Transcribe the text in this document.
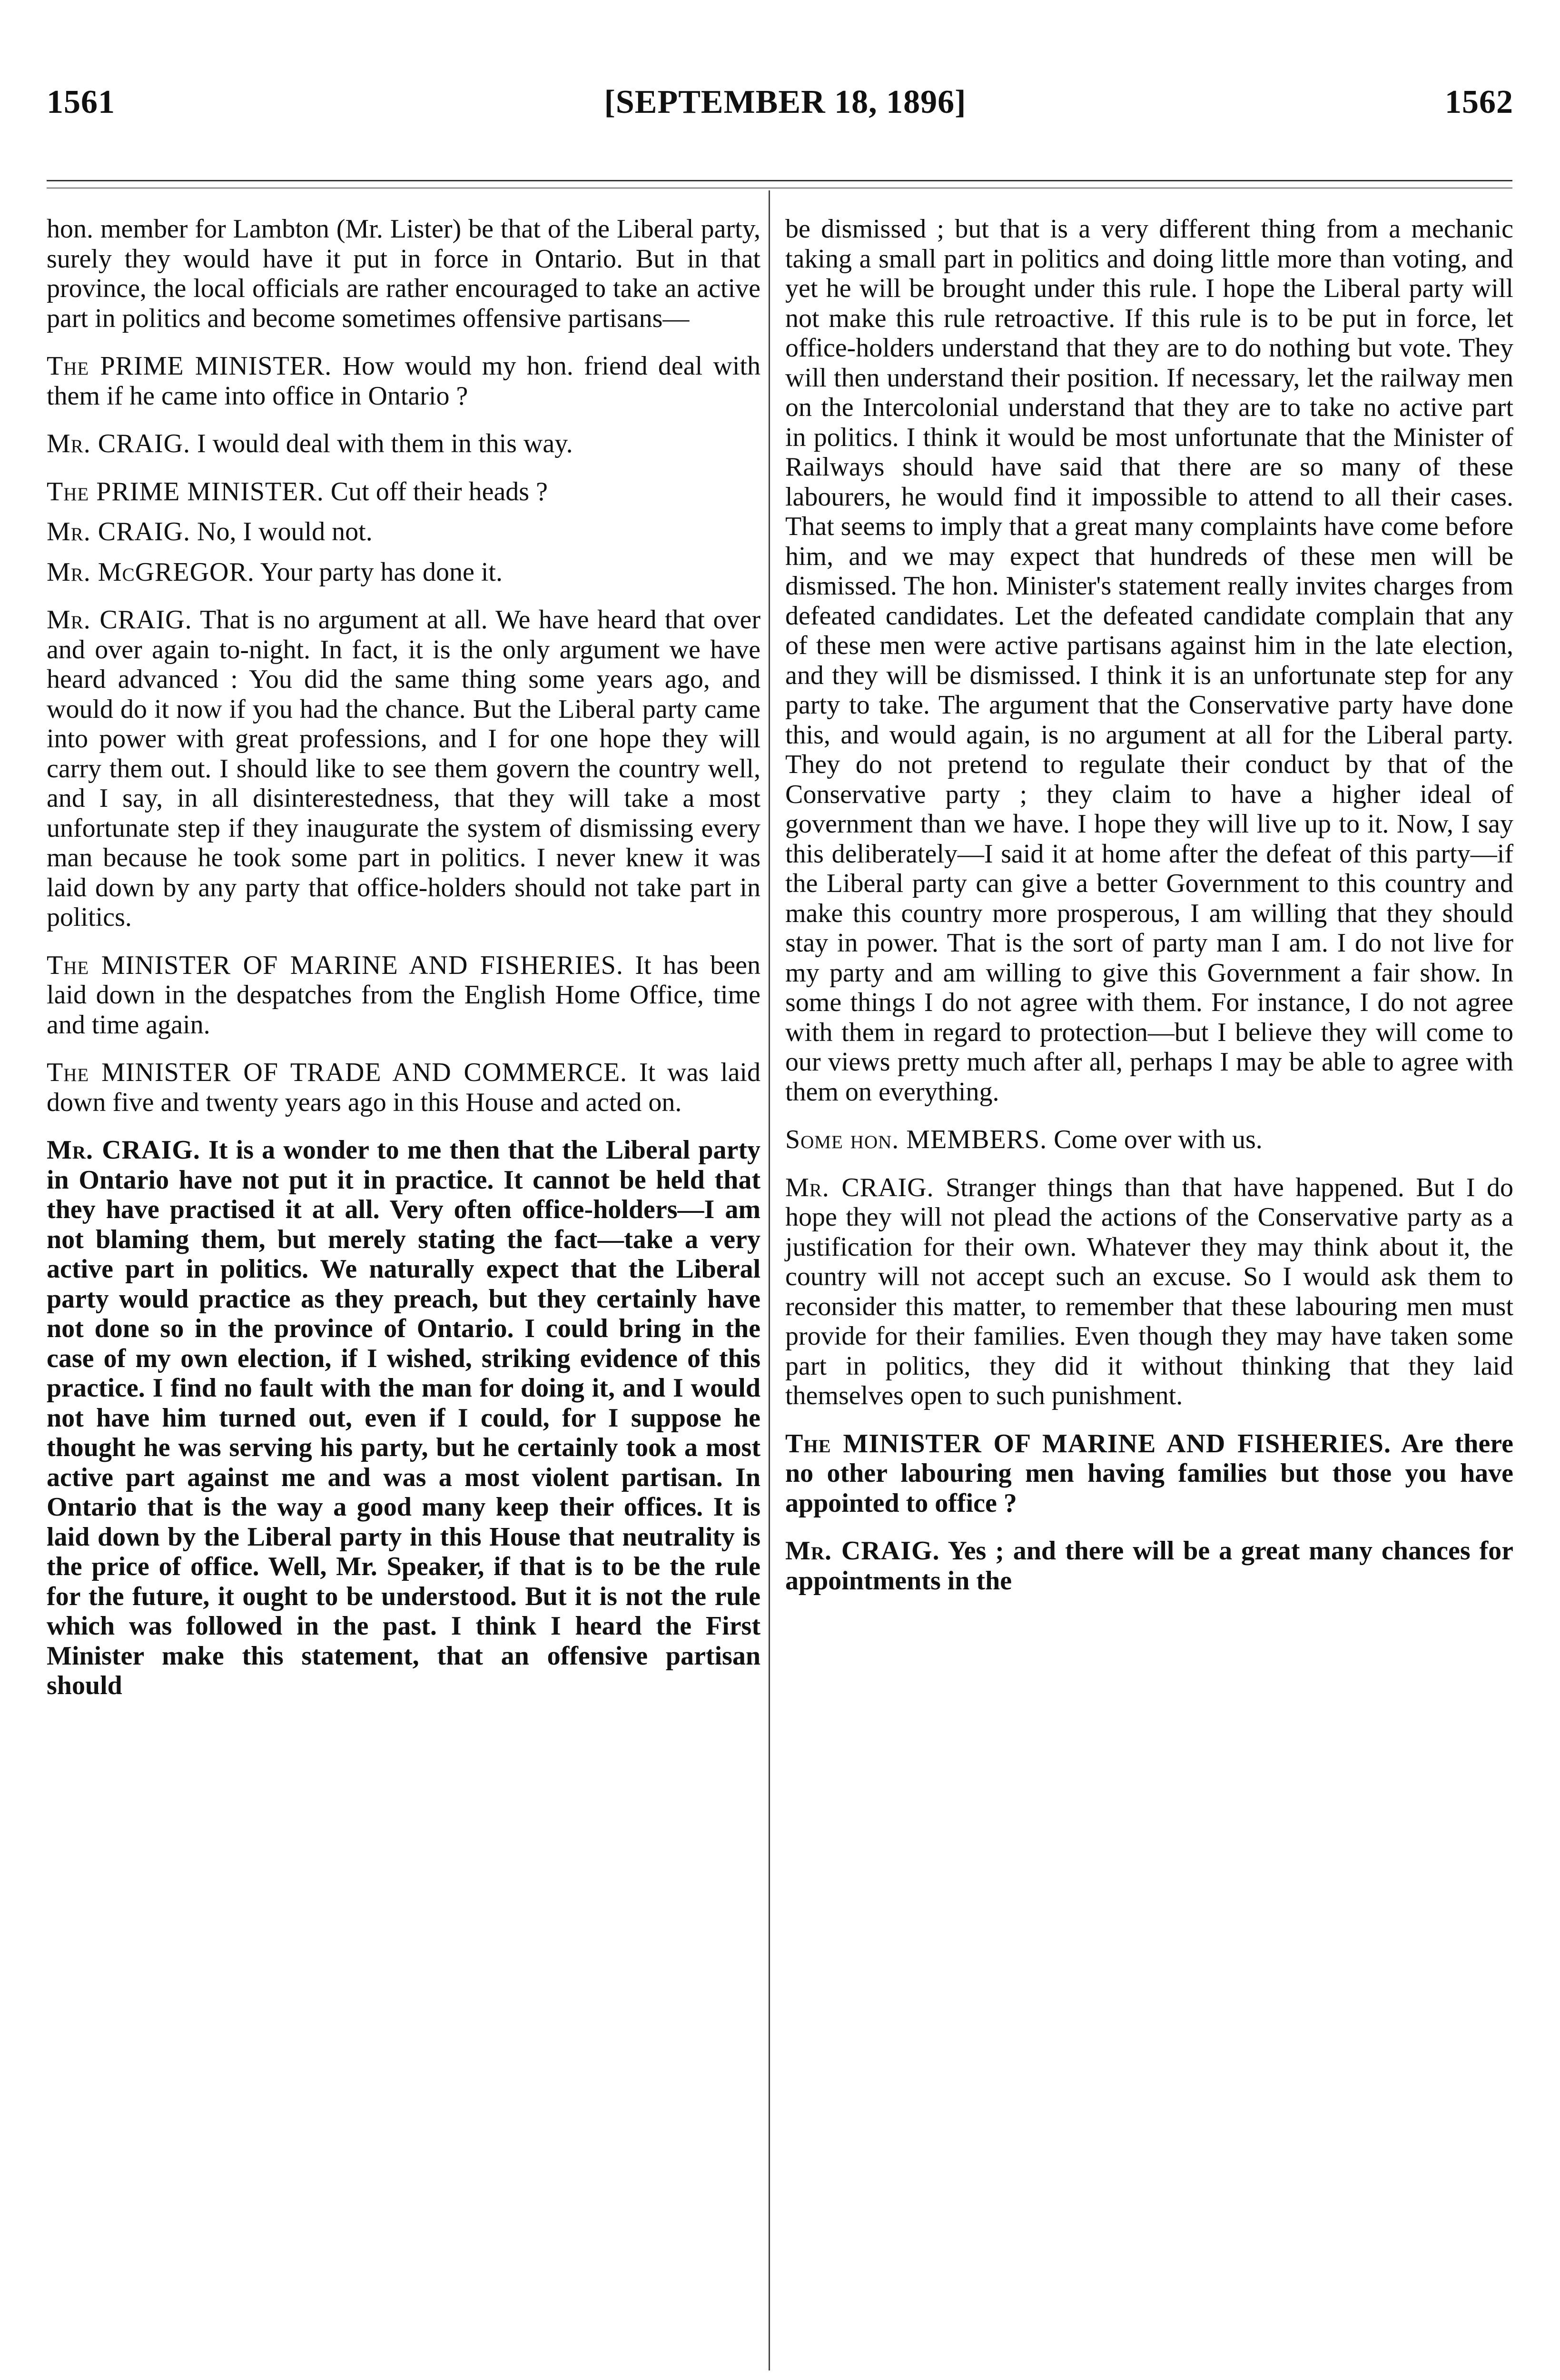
1561	[SEPTEMBER 18, 1896]	1562

hon. member for Lambton (Mr. Lister) be that of the Liberal party, surely they would have it put in force in Ontario. But in that province, the local officials are rather encouraged to take an active part in politics and become sometimes offensive partisans—

The PRIME MINISTER. How would my hon. friend deal with them if he came into office in Ontario ?

Mr. CRAIG. I would deal with them in this way.

The PRIME MINISTER. Cut off their heads ?

Mr. CRAIG. No, I would not.

Mr. McGREGOR. Your party has done it.

Mr. CRAIG. That is no argument at all. We have heard that over and over again to-night. In fact, it is the only argument we have heard advanced : You did the same thing some years ago, and would do it now if you had the chance. But the Liberal party came into power with great professions, and I for one hope they will carry them out. I should like to see them govern the country well, and I say, in all disinterestedness, that they will take a most unfortunate step if they inaugurate the system of dismissing every man because he took some part in politics. I never knew it was laid down by any party that office-holders should not take part in politics.

The MINISTER OF MARINE AND FISHERIES. It has been laid down in the despatches from the English Home Office, time and time again.

The MINISTER OF TRADE AND COMMERCE. It was laid down five and twenty years ago in this House and acted on.

Mr. CRAIG. It is a wonder to me then that the Liberal party in Ontario have not put it in practice. It cannot be held that they have practised it at all. Very often office-holders—I am not blaming them, but merely stating the fact—take a very active part in politics. We naturally expect that the Liberal party would practice as they preach, but they certainly have not done so in the province of Ontario. I could bring in the case of my own election, if I wished, striking evidence of this practice. I find no fault with the man for doing it, and I would not have him turned out, even if I could, for I suppose he thought he was serving his party, but he certainly took a most active part against me and was a most violent partisan. In Ontario that is the way a good many keep their offices. It is laid down by the Liberal party in this House that neutrality is the price of office. Well, Mr. Speaker, if that is to be the rule for the future, it ought to be understood. But it is not the rule which was followed in the past. I think I heard the First Minister make this statement, that an offensive partisan should

be dismissed ; but that is a very different thing from a mechanic taking a small part in politics and doing little more than voting, and yet he will be brought under this rule. I hope the Liberal party will not make this rule retroactive. If this rule is to be put in force, let office-holders understand that they are to do nothing but vote. They will then understand their position. If necessary, let the railway men on the Intercolonial understand that they are to take no active part in politics. I think it would be most unfortunate that the Minister of Railways should have said that there are so many of these labourers, he would find it impossible to attend to all their cases. That seems to imply that a great many complaints have come before him, and we may expect that hundreds of these men will be dismissed. The hon. Minister's statement really invites charges from defeated candidates. Let the defeated candidate complain that any of these men were active partisans against him in the late election, and they will be dismissed. I think it is an unfortunate step for any party to take. The argument that the Conservative party have done this, and would again, is no argument at all for the Liberal party. They do not pretend to regulate their conduct by that of the Conservative party ; they claim to have a higher ideal of government than we have. I hope they will live up to it. Now, I say this deliberately—I said it at home after the defeat of this party—if the Liberal party can give a better Government to this country and make this country more prosperous, I am willing that they should stay in power. That is the sort of party man I am. I do not live for my party and am willing to give this Government a fair show. In some things I do not agree with them. For instance, I do not agree with them in regard to protection—but I believe they will come to our views pretty much after all, perhaps I may be able to agree with them on everything.

Some hon. MEMBERS. Come over with us.

Mr. CRAIG. Stranger things than that have happened. But I do hope they will not plead the actions of the Conservative party as a justification for their own. Whatever they may think about it, the country will not accept such an excuse. So I would ask them to reconsider this matter, to remember that these labouring men must provide for their families. Even though they may have taken some part in politics, they did it without thinking that they laid themselves open to such punishment.

The MINISTER OF MARINE AND FISHERIES. Are there no other labouring men having families but those you have appointed to office ?

Mr. CRAIG. Yes ; and there will be a great many chances for appointments in the
